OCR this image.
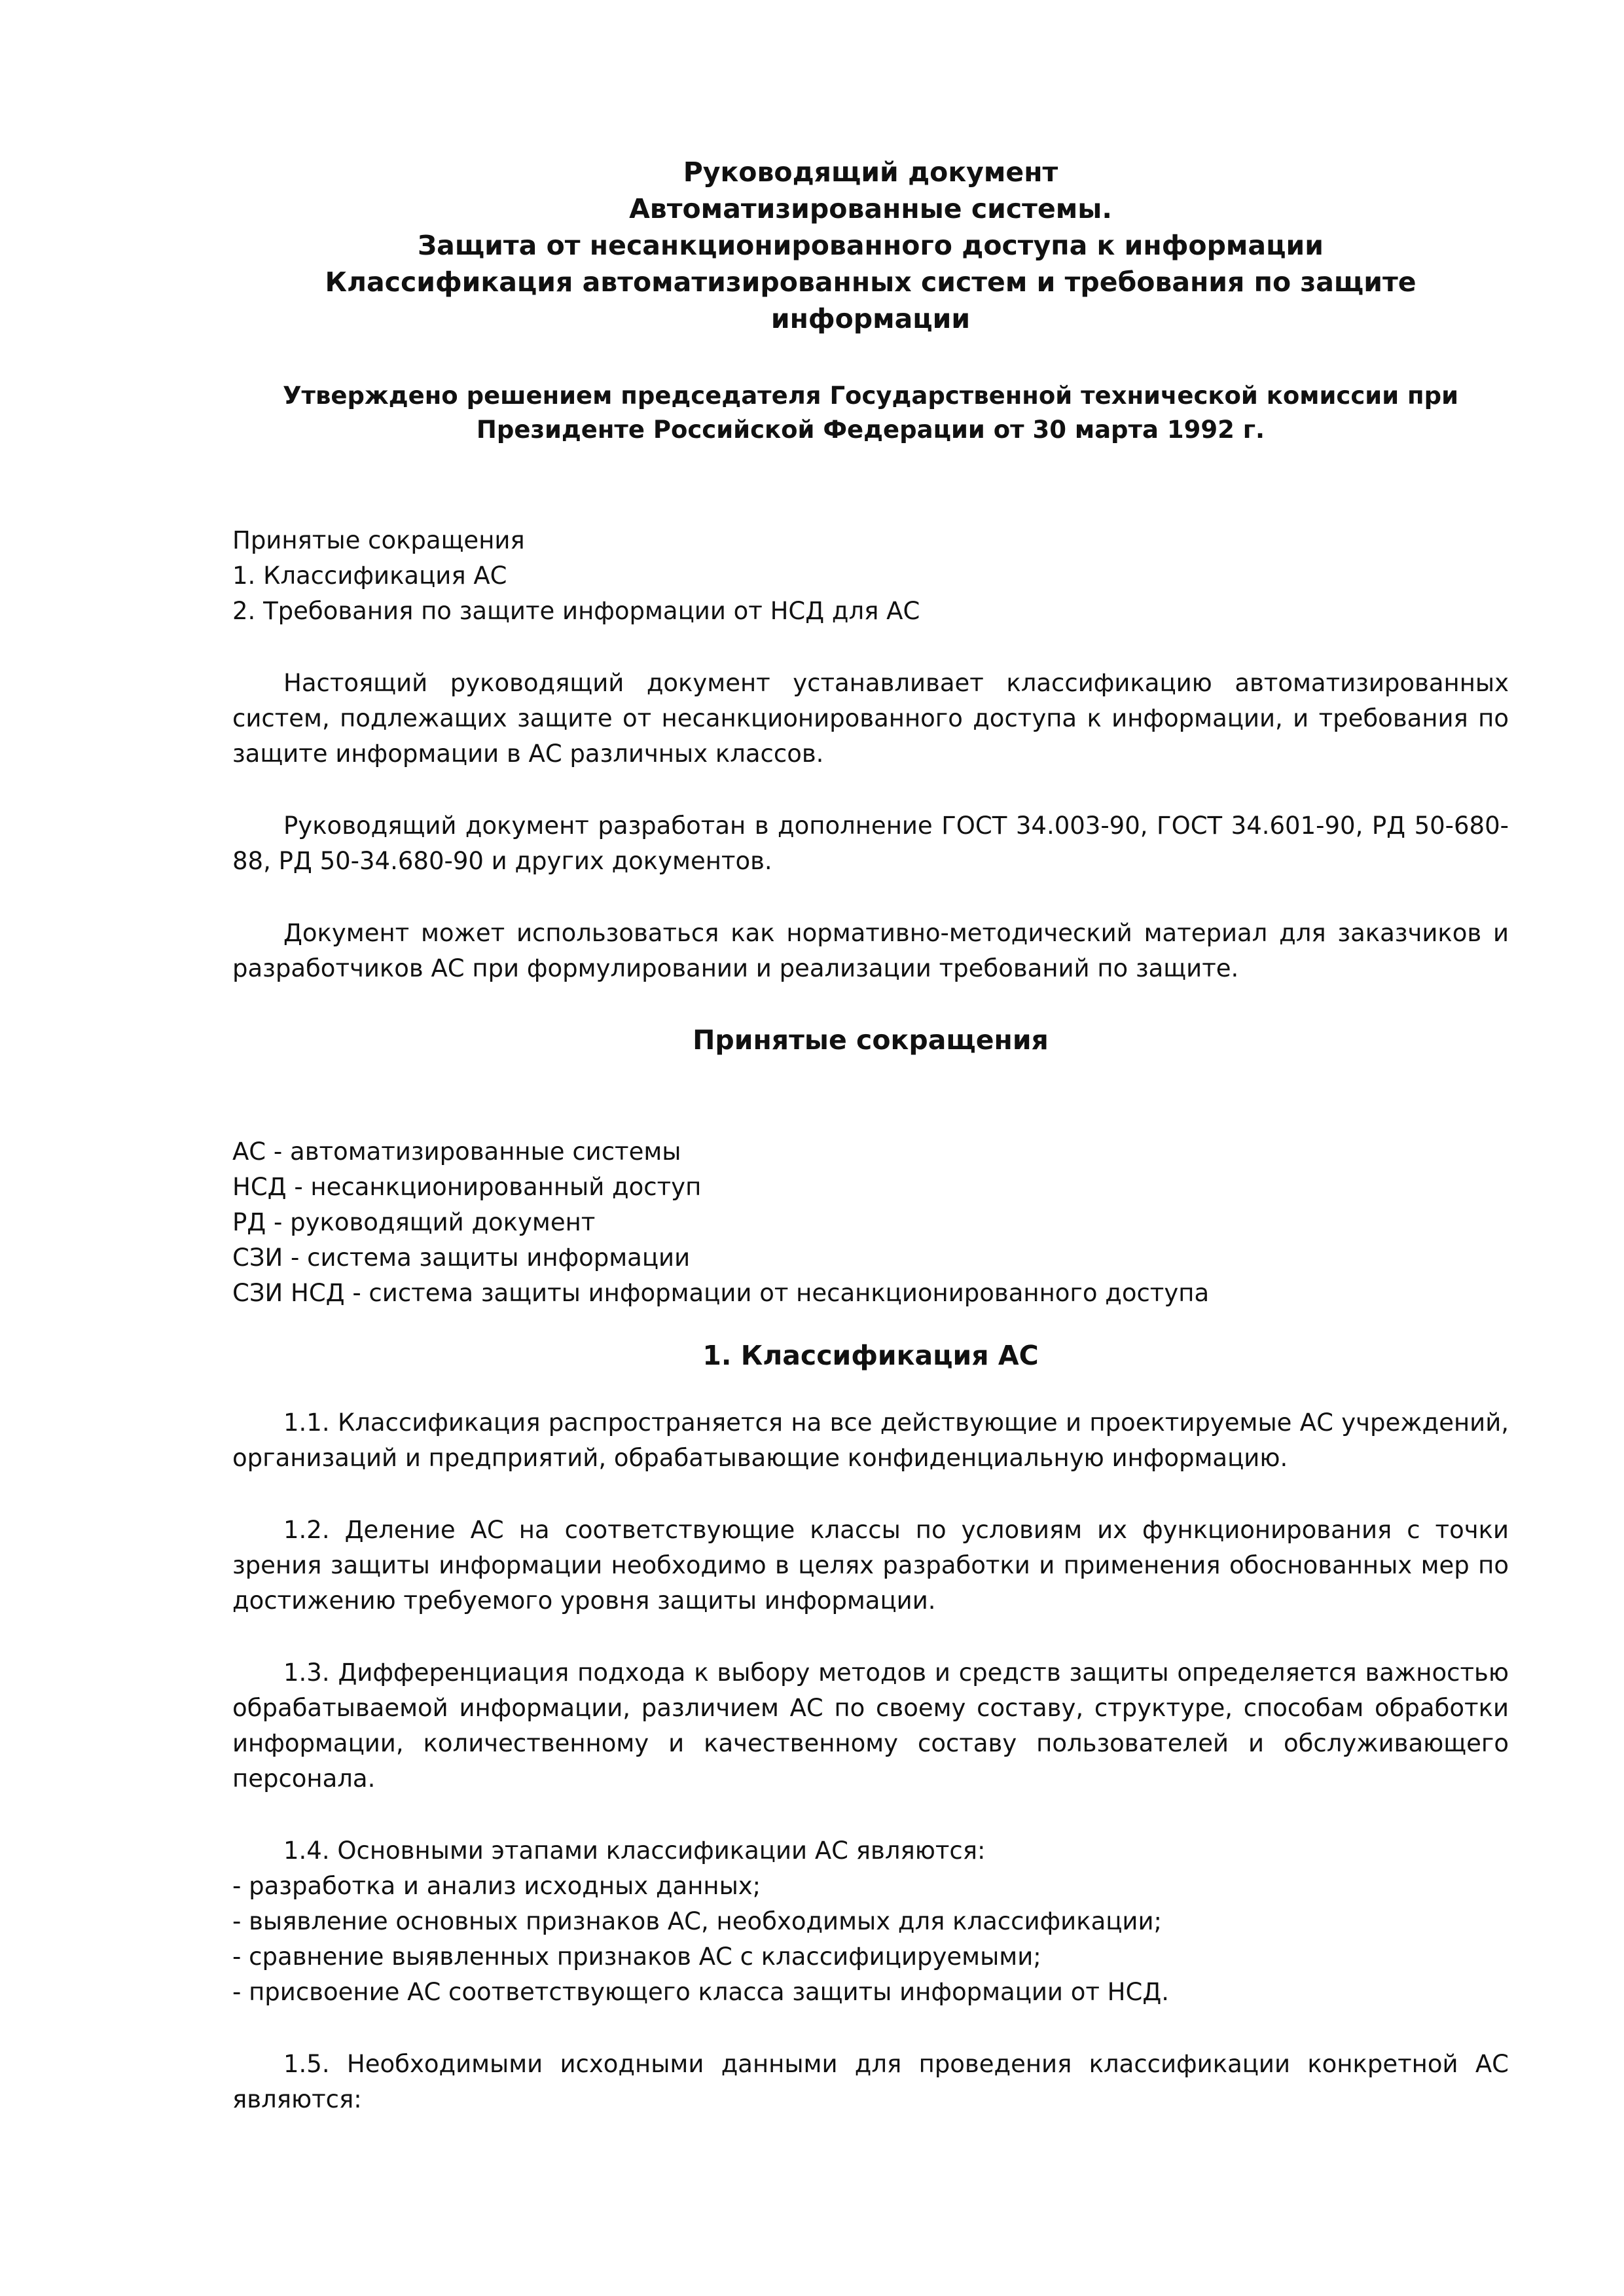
Руководящий документ
Автоматизированные системы.
Защита от несанкционированного доступа к информации
Классификация автоматизированных систем и требования по защите
информации
Утверждено решением председателя Государственной технической комиссии при
Президенте Российской Федерации от 30 марта 1992 г.
Принятые сокращения
1. Классификация АС
2. Требования по защите информации от НСД для АС

Настоящий руководящий документ устанавливает классификацию автоматизированных систем, подлежащих защите от несанкционированного доступа к информации, и требования по защите информации в АС различных классов.

Руководящий документ разработан в дополнение ГОСТ 34.003-90, ГОСТ 34.601-90, РД 50-680-88, РД 50-34.680-90 и других документов.

Документ может использоваться как нормативно-методический материал для заказчиков и разработчиков АС при формулировании и реализации требований по защите.

Принятые сокращения
АС - автоматизированные системы
НСД - несанкционированный доступ
РД - руководящий документ
СЗИ - система защиты информации
СЗИ НСД - система защиты информации от несанкционированного доступа
1. Классификация АС

1.1. Классификация распространяется на все действующие и проектируемые АС учреждений, организаций и предприятий, обрабатывающие конфиденциальную информацию.

1.2. Деление АС на соответствующие классы по условиям их функционирования с точки зрения защиты информации необходимо в целях разработки и применения обоснованных мер по достижению требуемого уровня защиты информации.

1.3. Дифференциация подхода к выбору методов и средств защиты определяется важностью обрабатываемой информации, различием АС по своему составу, структуре, способам обработки информации, количественному и качественному составу пользователей и обслуживающего персонала.

1.4. Основными этапами классификации АС являются:
- разработка и анализ исходных данных;
- выявление основных признаков АС, необходимых для классификации;
- сравнение выявленных признаков АС с классифицируемыми;
- присвоение АС соответствующего класса защиты информации от НСД.

1.5. Необходимыми исходными данными для проведения классификации конкретной АС являются:
